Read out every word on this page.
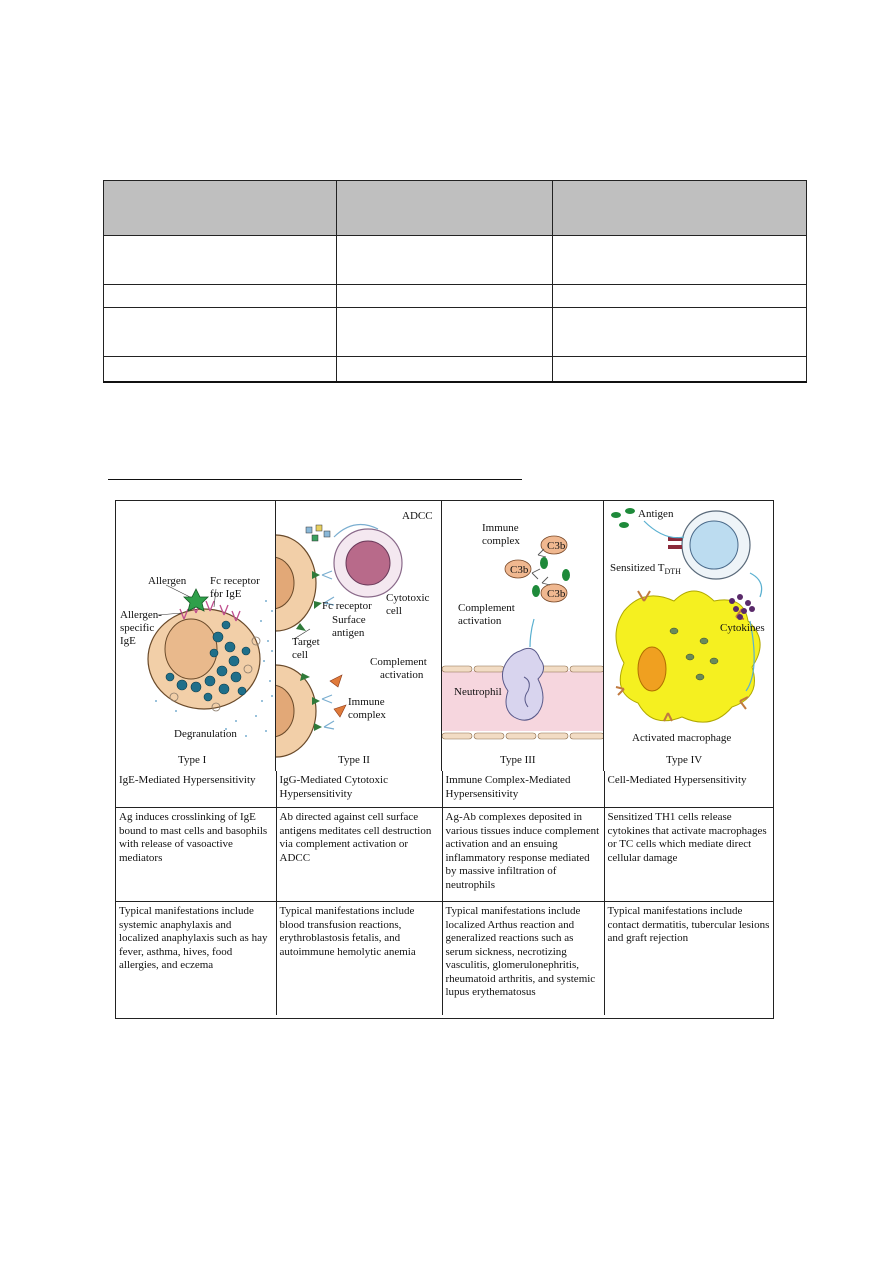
Allergen Fc receptor
for IgE
Allergen-
specific
IgE
Degranulation
Type I
ADCC
Fc receptor
Cytotoxic
cell
Surface
antigen
Target
cell
Complement
activation
Immune
complex
Type II
Immune
complex C3b
C3b
C3b
Complement
activation
Neutrophil
Type III
Antigen
Sensitized $T_{DTH}$
Cytokines
Activated macrophage
Type IV
IgE-Mediated Hypersensitivity	IgG-Mediated Cytotoxic Hypersensitivity	Immune Complex-Mediated Hypersensitivity	Cell-Mediated Hypersensitivity
Ag induces crosslinking of IgE bound to mast cells and basophils with release of vasoactive mediators	Ab directed against cell surface antigens meditates cell destruction via complement activation or ADCC	Ag-Ab complexes deposited in various tissues induce complement activation and an ensuing inflammatory response mediated by massive infiltration of neutrophils	Sensitized TH1 cells release cytokines that activate macrophages or TC cells which mediate direct cellular damage
Typical manifestations include systemic anaphylaxis and localized anaphylaxis such as hay fever, asthma, hives, food allergies, and eczema	Typical manifestations include blood transfusion reactions, erythroblastosis fetalis, and autoimmune hemolytic anemia	Typical manifestations include localized Arthus reaction and generalized reactions such as serum sickness, necrotizing vasculitis, glomerulonephritis, rheumatoid arthritis, and systemic lupus erythematosus	Typical manifestations include contact dermatitis, tubercular lesions and graft rejection
